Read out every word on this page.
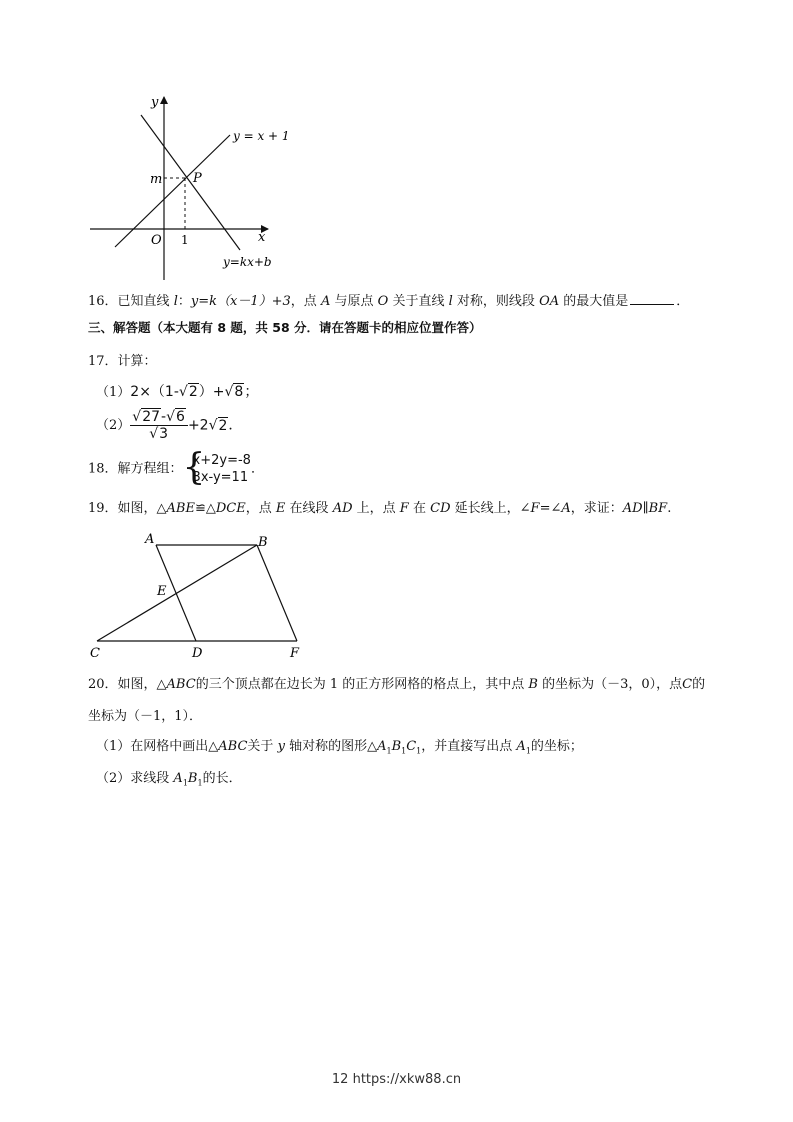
y
x
O 1
m P
y = x + 1
y=kx+b
16．已知直线 l：y=k（x－1）+3，点 A 与原点 O 关于直线 l 对称，则线段 OA 的最大值是	．
三、解答题（本大题有 8 题，共 58 分．请在答题卡的相应位置作答）
17．计算：
（1）2×（1-√2）+√8；
$(2) \frac{√27-√6}{√3} +2√2$．
18．解方程组： {
x+2y=-8
3x-y=11
．
19．如图，△ABE≌△DCE，点 E 在线段 AD 上，点 F 在 CD 延长线上，∠F=∠A，求证：AD∥BF.
A	B
E
C	D	F
20．如图，△ABC的三个顶点都在边长为 1 的正方形网格的格点上，其中点 B 的坐标为（－3，0），点C的
坐标为（－1，1）．
（1）在网格中画出△ABC关于 y 轴对称的图形$\triangle A_1B_1C_1$，并直接写出点 $A_1$的坐标；
（2）求线段 $A_1B_1$的长．
12 https://xkw88.cn
